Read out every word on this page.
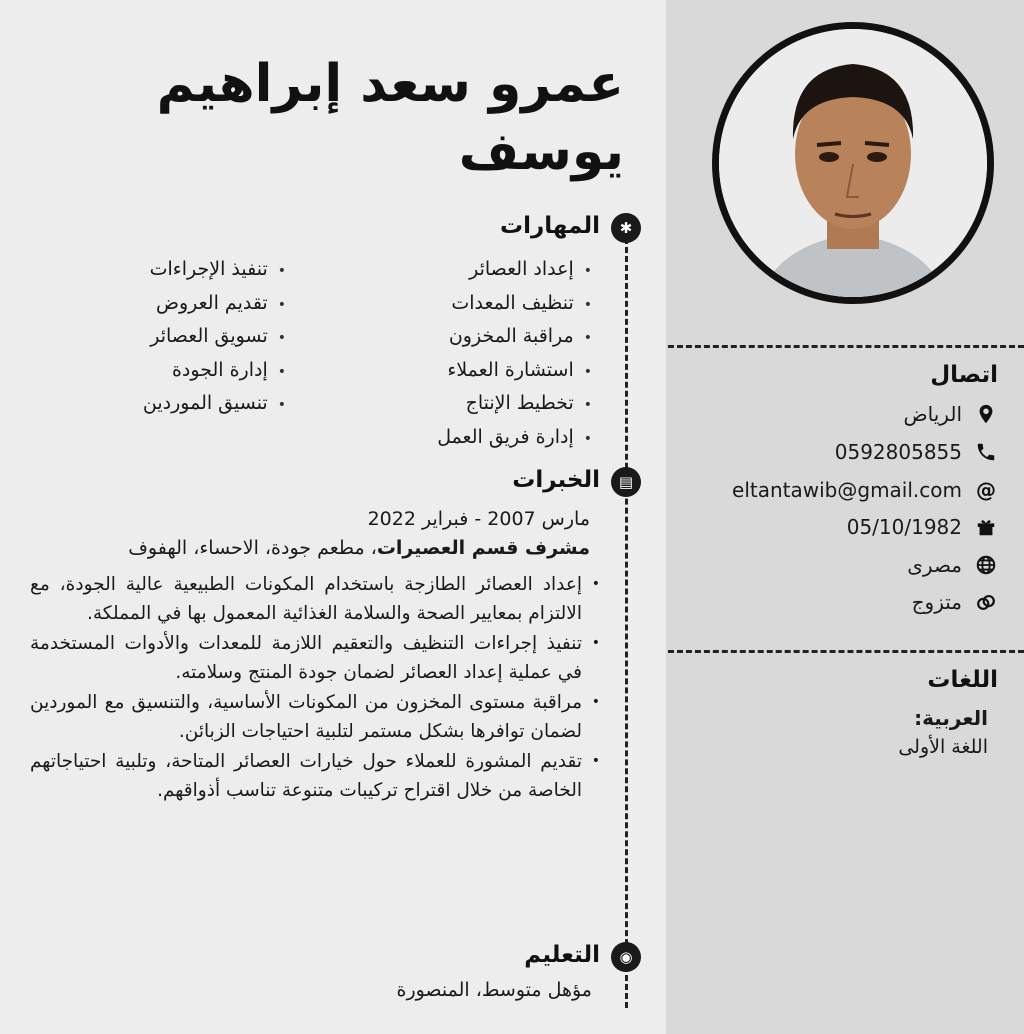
عمرو سعد إبراهيم يوسف
✱
المهارات
• إعداد العصائر
• تنظيف المعدات
• مراقبة المخزون
• استشارة العملاء
• تخطيط الإنتاج
• إدارة فريق العمل
• تنفيذ الإجراءات
• تقديم العروض
• تسويق العصائر
• إدارة الجودة
• تنسيق الموردين
▤
الخبرات
مارس 2007 - فبراير 2022
مشرف قسم العصيرات، مطعم جودة، الاحساء، الهفوف
• إعداد العصائر الطازجة باستخدام المكونات الطبيعية عالية الجودة، مع الالتزام بمعايير الصحة والسلامة الغذائية المعمول بها في المملكة.
• تنفيذ إجراءات التنظيف والتعقيم اللازمة للمعدات والأدوات المستخدمة في عملية إعداد العصائر لضمان جودة المنتج وسلامته.
• مراقبة مستوى المخزون من المكونات الأساسية، والتنسيق مع الموردين لضمان توافرها بشكل مستمر لتلبية احتياجات الزبائن.
• تقديم المشورة للعملاء حول خيارات العصائر المتاحة، وتلبية احتياجاتهم الخاصة من خلال اقتراح تركيبات متنوعة تناسب أذواقهم.
◉
التعليم
مؤهل متوسط، المنصورة
اتصال
الرياض
0592805855
@
eltantawib@gmail.com
05/10/1982
مصرى
متزوج
اللغات
العربية:
اللغة الأولى
